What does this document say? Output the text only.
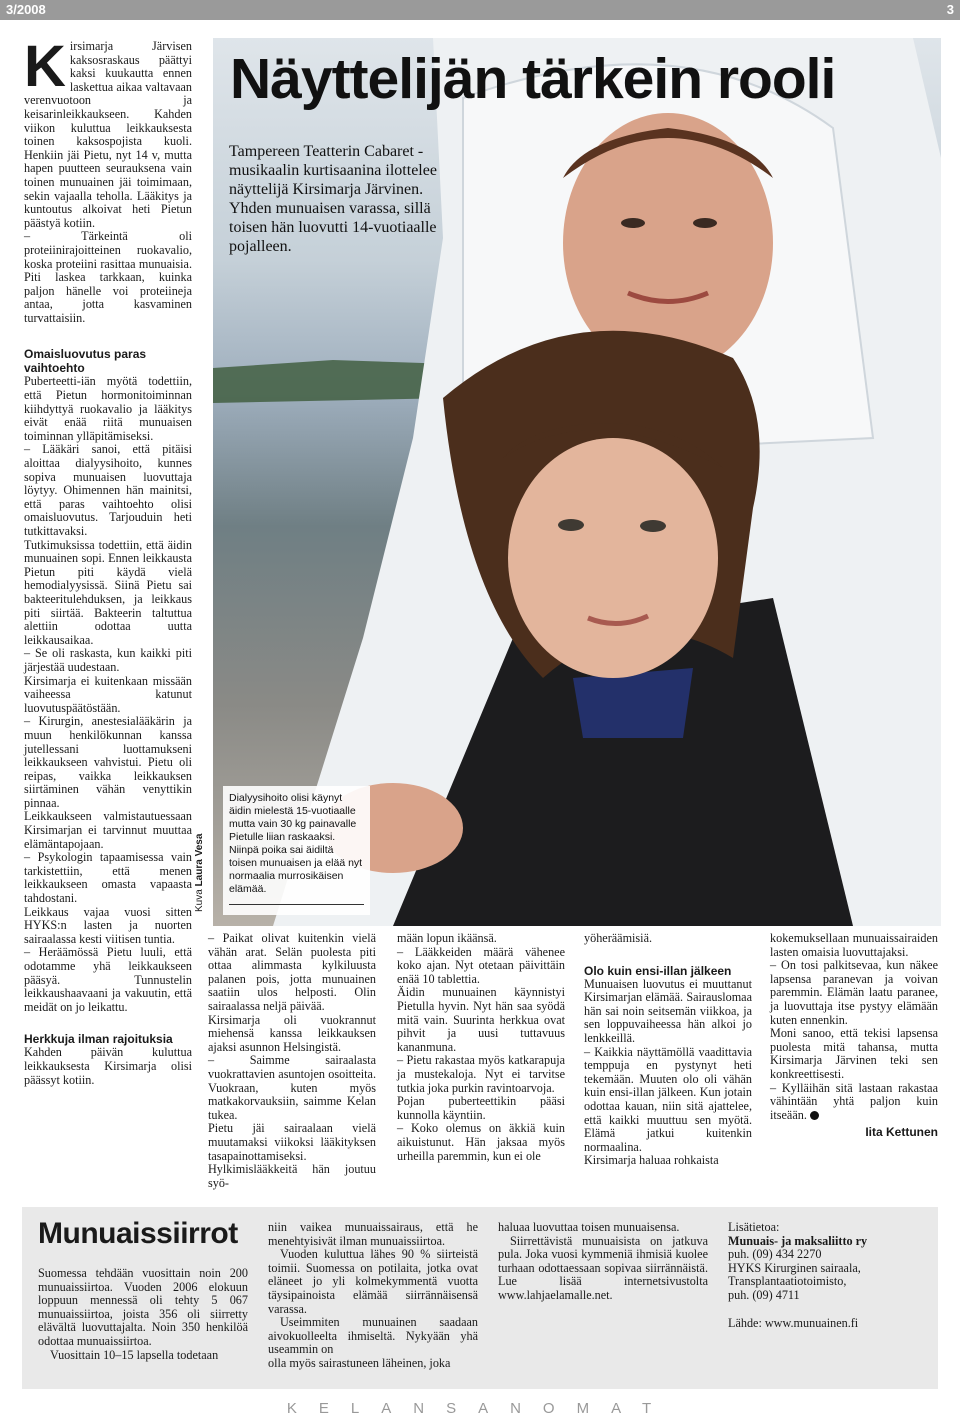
3/2008	3
K irsimarja Järvisen kaksosraskaus päättyi kaksi kuukautta ennen laskettua aikaa valtavaan verenvuotoon ja keisarinleikkaukseen. Kahden viikon kuluttua leikkauksesta toinen kaksospojista kuoli. Henkiin jäi Pietu, nyt 14 v, mutta hapen puutteen seurauksena vain toinen munuainen jäi toimimaan, sekin vajaalla teholla. Lääkitys ja kuntoutus alkoivat heti Pietun päästyä kotiin.

– Tärkeintä oli proteiinirajoitteinen ruokavalio, koska proteiini rasittaa munuaisia. Piti laskea tarkkaan, kuinka paljon hänelle voi proteiineja antaa, jotta kasvaminen turvattaisiin.

Omaisluovutus paras vaihtoehto

Puberteetti-iän myötä todettiin, että Pietun hormonitoiminnan kiihdyttyä ruokavalio ja lääkitys eivät enää riitä munuaisen toiminnan ylläpitämiseksi.

– Lääkäri sanoi, että pitäisi aloittaa dialyysihoito, kunnes sopiva munuaisen luovuttaja löytyy. Ohimennen hän mainitsi, että paras vaihtoehto olisi omaisluovutus. Tarjouduin heti tutkittavaksi.

Tutkimuksissa todettiin, että äidin munuainen sopi. Ennen leikkausta Pietun piti käydä vielä hemodialyysissä. Siinä Pietu sai bakteeritulehduksen, ja leikkaus piti siirtää. Bakteerin taltuttua alettiin odottaa uutta leikkausaikaa.

– Se oli raskasta, kun kaikki piti järjestää uudestaan.

Kirsimarja ei kuitenkaan missään vaiheessa katunut luovutuspäätöstään.

– Kirurgin, anestesialääkärin ja muun henkilökunnan kanssa jutellessani luottamukseni leikkaukseen vahvistui. Pietu oli reipas, vaikka leikkauksen siirtäminen vähän venyttikin pinnaa.

Leikkaukseen valmistautuessaan Kirsimarjan ei tarvinnut muuttaa elämäntapojaan.

– Psykologin tapaamisessa vain tarkistettiin, että menen leikkaukseen omasta vapaasta tahdostani.

Leikkaus vajaa vuosi sitten HYKS:n lasten ja nuorten sairaalassa kesti viitisen tuntia.

– Heräämössä Pietu luuli, että odotamme yhä leikkaukseen pääsyä. Tunnustelin leikkaushaavaani ja vakuutin, että meidät on jo leikattu.

Herkkuja ilman rajoituksia

Kahden päivän kuluttua leikkauksesta Kirsimarja olisi päässyt kotiin.

Näyttelijän tärkein rooli
Tampereen Teatterin Cabaret -musikaalin kurtisaanina ilottelee näyttelijä Kirsimarja Järvinen. Yhden munuaisen varassa, sillä toisen hän luovutti 14-vuotiaalle pojalleen.
Dialyysihoito olisi käynyt äidin mielestä 15-vuotiaalle mutta vain 30 kg painavalle Pietulle liian raskaaksi. Niinpä poika sai äidiltä toisen munuaisen ja elää nyt normaalia murrosikäisen elämää.
Kuva Laura Vesa

– Paikat olivat kuitenkin vielä vähän arat. Selän puolesta piti ottaa alimmasta kylkiluusta palanen pois, jotta munuainen saatiin ulos helposti. Olin sairaalassa neljä päivää.

Kirsimarja oli vuokrannut miehensä kanssa leikkauksen ajaksi asunnon Helsingistä.

– Saimme sairaalasta vuokrattavien asuntojen osoitteita. Vuokraan, kuten myös matkakorvauksiin, saimme Kelan tukea.

Pietu jäi sairaalaan vielä muutamaksi viikoksi lääkityksen tasapainottamiseksi. Hylkimislääkkeitä hän joutuu syö-

mään lopun ikäänsä.

– Lääkkeiden määrä vähenee koko ajan. Nyt otetaan päivittäin enää 10 tablettia.

Äidin munuainen käynnistyi Pietulla hyvin. Nyt hän saa syödä mitä vain. Suurinta herkkua ovat pihvit ja uusi tuttavuus kananmuna.

– Pietu rakastaa myös katkarapuja ja mustekaloja. Nyt ei tarvitse tutkia joka purkin ravintoarvoja.

Pojan puberteettikin pääsi kunnolla käyntiin.

– Koko olemus on äkkiä kuin aikuistunut. Hän jaksaa myös urheilla paremmin, kun ei ole

yöheräämisiä.

Olo kuin ensi-illan jälkeen

Munuaisen luovutus ei muuttanut Kirsimarjan elämää. Sairauslomaa hän sai noin seitsemän viikkoa, ja sen loppuvaiheessa hän alkoi jo lenkkeillä.

– Kaikkia näyttämöllä vaadittavia temppuja en pystynyt heti tekemään. Muuten olo oli vähän kuin ensi-illan jälkeen. Kun jotain odottaa kauan, niin sitä ajattelee, että kaikki muuttuu sen myötä. Elämä jatkui kuitenkin normaalina.

Kirsimarja haluaa rohkaista

kokemuksellaan munuaissairaiden lasten omaisia luovuttajaksi.

– On tosi palkitsevaa, kun näkee lapsensa paranevan ja voivan paremmin. Elämän laatu paranee, ja luovuttaja itse pystyy elämään kuten ennenkin.

Moni sanoo, että tekisi lapsensa puolesta mitä tahansa, mutta Kirsimarja Järvinen teki sen konkreettisesti.

– Kylläihän sitä lastaan rakastaa vähintään yhtä paljon kuin itseään.

Iita Kettunen
Munuaissiirrot

Suomessa tehdään vuosittain noin 200 munuaissiirtoa. Vuoden 2006 elokuun loppuun mennessä oli tehty 5 067 munuaissiirtoa, joista 356 oli siirretty elävältä luovuttajalta. Noin 350 henkilöä odottaa munuaissiirtoa.

Vuosittain 10–15 lapsella todetaan

niin vaikea munuaissairaus, että he menehtyisivät ilman munuaissiirtoa.

Vuoden kuluttua lähes 90 % siirteistä toimii. Suomessa on potilaita, jotka ovat eläneet jo yli kolmekymmentä vuotta täysipainoista elämää siirrännäisensä varassa.

Useimmiten munuainen saadaan aivokuolleelta ihmiseltä. Nykyään yhä useammin on

olla myös sairastuneen läheinen, joka

haluaa luovuttaa toisen munuaisensa.

Siirrettävistä munuaisista on jatkuva pula. Joka vuosi kymmeniä ihmisiä kuolee turhaan odottaessaan sopivaa siirrännäistä. Lue lisää internetsivustolta www.lahjaelamalle.net.

Lisätietoa:

Munuais- ja maksaliitto ry

puh. (09) 434 2270

HYKS Kirurginen sairaala,

Transplantaatiotoimisto,

puh. (09) 4711

Lähde: www.munuainen.fi

KELANSANOMAT
